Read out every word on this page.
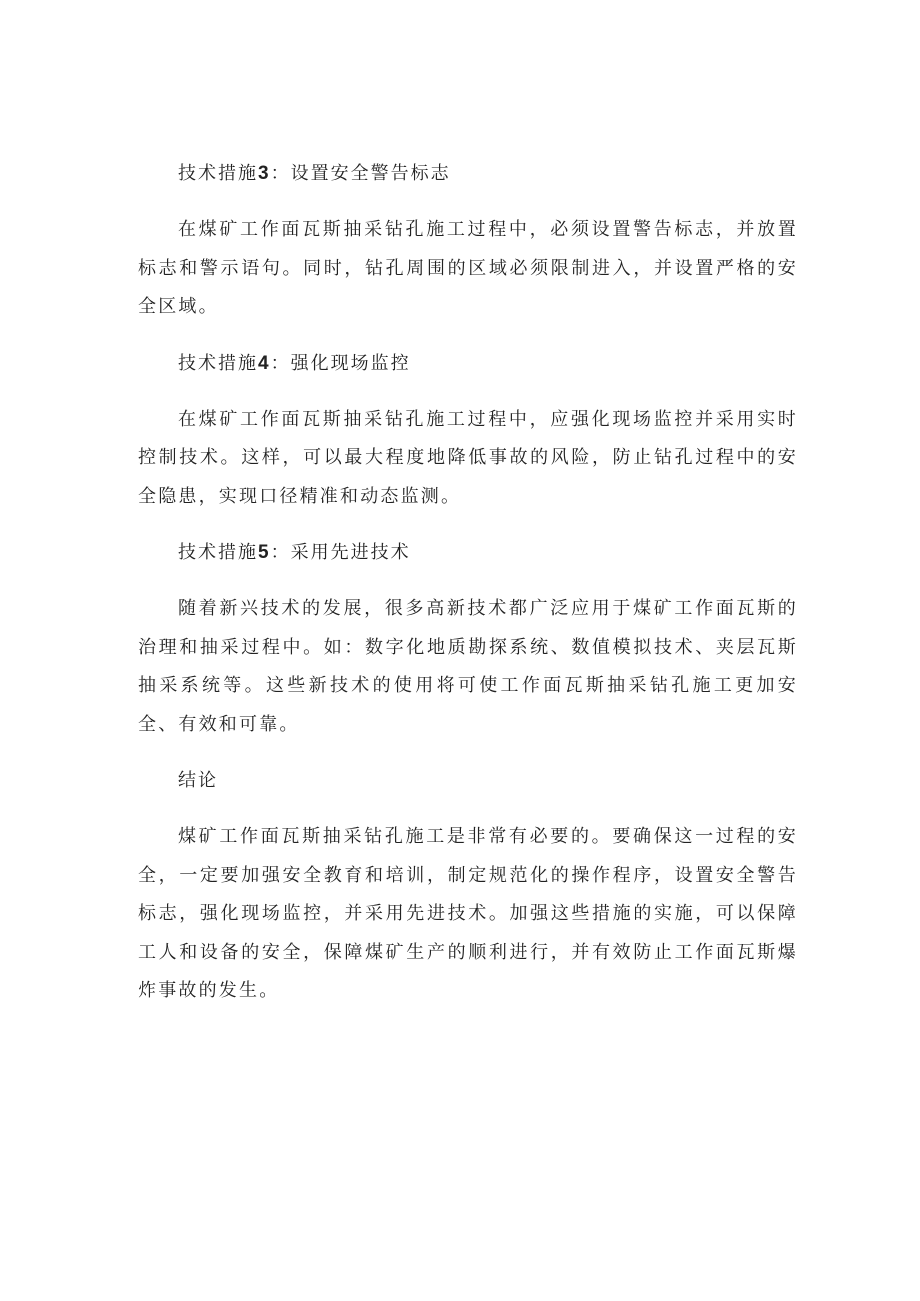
技术措施3：设置安全警告标志

在煤矿工作面瓦斯抽采钻孔施工过程中，必须设置警告标志，并放置标志和警示语句。同时，钻孔周围的区域必须限制进入，并设置严格的安全区域。

技术措施4：强化现场监控

在煤矿工作面瓦斯抽采钻孔施工过程中，应强化现场监控并采用实时控制技术。这样，可以最大程度地降低事故的风险，防止钻孔过程中的安全隐患，实现口径精准和动态监测。

技术措施5：采用先进技术

随着新兴技术的发展，很多高新技术都广泛应用于煤矿工作面瓦斯的治理和抽采过程中。如：数字化地质勘探系统、数值模拟技术、夹层瓦斯抽采系统等。这些新技术的使用将可使工作面瓦斯抽采钻孔施工更加安全、有效和可靠。

结论

煤矿工作面瓦斯抽采钻孔施工是非常有必要的。要确保这一过程的安全，一定要加强安全教育和培训，制定规范化的操作程序，设置安全警告标志，强化现场监控，并采用先进技术。加强这些措施的实施，可以保障工人和设备的安全，保障煤矿生产的顺利进行，并有效防止工作面瓦斯爆炸事故的发生。
